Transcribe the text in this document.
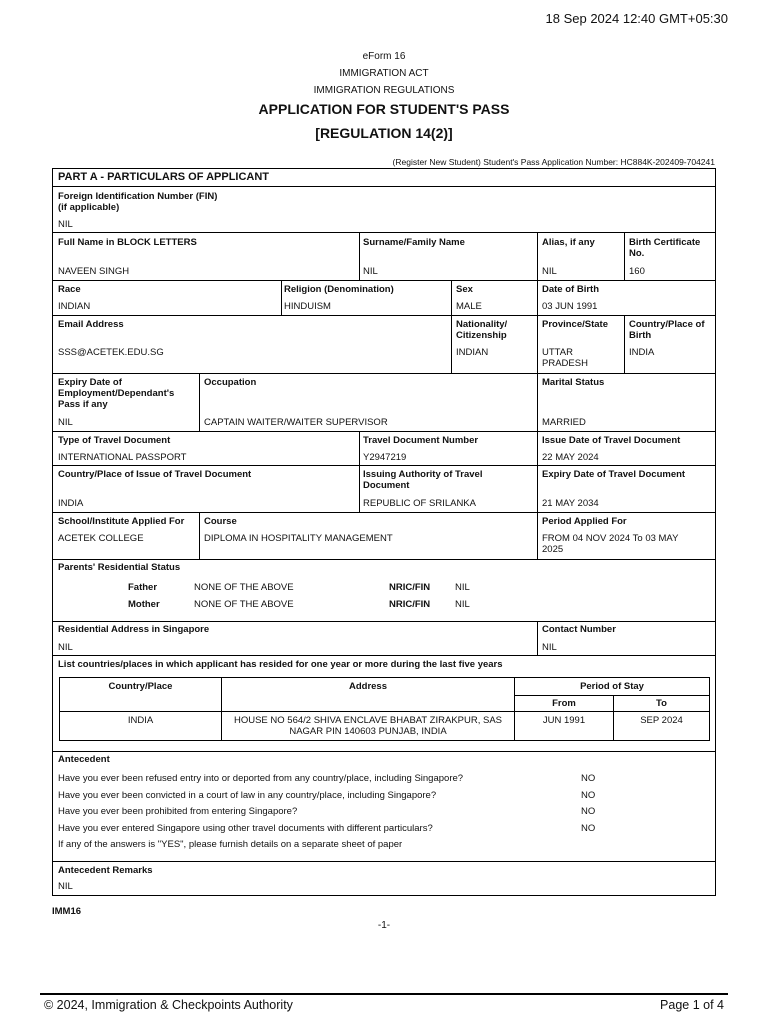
18 Sep 2024 12:40 GMT+05:30
eForm 16
IMMIGRATION ACT
IMMIGRATION REGULATIONS
APPLICATION FOR STUDENT'S PASS
[REGULATION 14(2)]
(Register New Student) Student's Pass Application Number: HC884K-202409-704241
PART A - PARTICULARS OF APPLICANT
Foreign Identification Number (FIN)
(if applicable)
NIL
Full Name in BLOCK LETTERS
NAVEEN SINGH
Surname/Family Name
NIL
Alias, if any
NIL
Birth Certificate
No.
160
Race
INDIAN
Religion (Denomination)
HINDUISM
Sex
MALE
Date of Birth
03 JUN 1991
Email Address
SSS@ACETEK.EDU.SG
Nationality/
Citizenship
INDIAN
Province/State
UTTAR
PRADESH
Country/Place of
Birth
INDIA
Expiry Date of
Employment/Dependant's
Pass if any
NIL
Occupation
CAPTAIN WAITER/WAITER SUPERVISOR
Marital Status
MARRIED
Type of Travel Document
INTERNATIONAL PASSPORT
Travel Document Number
Y2947219
Issue Date of Travel Document
22 MAY 2024
Country/Place of Issue of Travel Document
INDIA
Issuing Authority of Travel
Document
REPUBLIC OF SRILANKA
Expiry Date of Travel Document
21 MAY 2034
School/Institute Applied For
ACETEK COLLEGE
Course
DIPLOMA IN HOSPITALITY MANAGEMENT
Period Applied For
FROM 04 NOV 2024 To 03 MAY
2025
Parents' Residential Status
Father	NONE OF THE ABOVE	NRIC/FIN	NIL
Mother	NONE OF THE ABOVE	NRIC/FIN	NIL
Residential Address in Singapore
NIL
Contact Number
NIL
List countries/places in which applicant has resided for one year or more during the last five years
Country/Place	Address	Period of Stay
From	To
INDIA	HOUSE NO 564/2 SHIVA ENCLAVE BHABAT ZIRAKPUR, SAS
NAGAR PIN 140603 PUNJAB, INDIA
JUN 1991	SEP 2024
Antecedent
Have you ever been refused entry into or deported from any country/place, including Singapore?	NO
Have you ever been convicted in a court of law in any country/place, including Singapore?	NO
Have you ever been prohibited from entering Singapore?	NO
Have you ever entered Singapore using other travel documents with different particulars?	NO
If any of the answers is "YES", please furnish details on a separate sheet of paper
Antecedent Remarks
NIL
IMM16
-1-
© 2024, Immigration & Checkpoints Authority	Page 1 of 4
